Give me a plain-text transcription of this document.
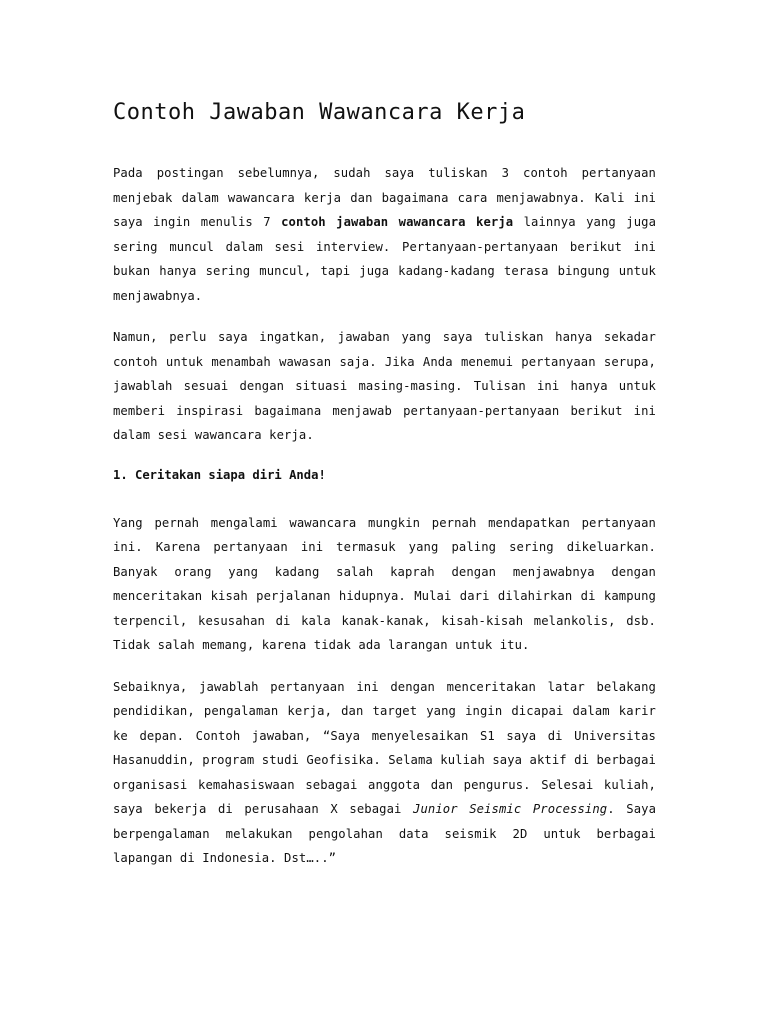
Contoh Jawaban Wawancara Kerja

Pada postingan sebelumnya, sudah saya tuliskan 3 contoh pertanyaan menjebak dalam wawancara kerja dan bagaimana cara menjawabnya. Kali ini saya ingin menulis 7 contoh jawaban wawancara kerja lainnya yang juga sering muncul dalam sesi interview. Pertanyaan-pertanyaan berikut ini bukan hanya sering muncul, tapi juga kadang-kadang terasa bingung untuk menjawabnya.

Namun, perlu saya ingatkan, jawaban yang saya tuliskan hanya sekadar contoh untuk menambah wawasan saja. Jika Anda menemui pertanyaan serupa, jawablah sesuai dengan situasi masing-masing. Tulisan ini hanya untuk memberi inspirasi bagaimana menjawab pertanyaan-pertanyaan berikut ini dalam sesi wawancara kerja.

1. Ceritakan siapa diri Anda!

Yang pernah mengalami wawancara mungkin pernah mendapatkan pertanyaan ini. Karena pertanyaan ini termasuk yang paling sering dikeluarkan. Banyak orang yang kadang salah kaprah dengan menjawabnya dengan menceritakan kisah perjalanan hidupnya. Mulai dari dilahirkan di kampung terpencil, kesusahan di kala kanak-kanak, kisah-kisah melankolis, dsb. Tidak salah memang, karena tidak ada larangan untuk itu.

Sebaiknya, jawablah pertanyaan ini dengan menceritakan latar belakang pendidikan, pengalaman kerja, dan target yang ingin dicapai dalam karir ke depan. Contoh jawaban, “Saya menyelesaikan S1 saya di Universitas Hasanuddin, program studi Geofisika. Selama kuliah saya aktif di berbagai organisasi kemahasiswaan sebagai anggota dan pengurus. Selesai kuliah, saya bekerja di perusahaan X sebagai Junior Seismic Processing. Saya berpengalaman melakukan pengolahan data seismik 2D untuk berbagai lapangan di Indonesia. Dst…..”
